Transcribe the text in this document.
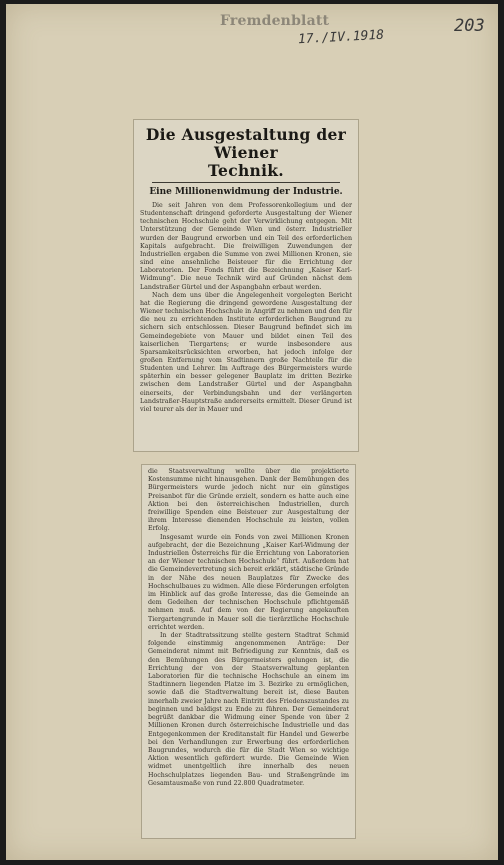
Fremdenblatt
17./IV.1918
203
Die Ausgestaltung der Wiener
Technik.
Eine Millionenwidmung der Industrie.

Die seit Jahren von dem Professorenkollegium und der Studentenschaft dringend geforderte Ausgestaltung der Wiener technischen Hochschule geht der Verwirklichung entgegen. Mit Unterstützung der Gemeinde Wien und österr. Industrieller wurden der Baugrund erworben und ein Teil des erforderlichen Kapitals aufgebracht. Die freiwilligen Zuwendungen der Industriellen ergaben die Summe von zwei Millionen Kronen, sie sind eine ansehnliche Beisteuer für die Errichtung der Laboratorien. Der Fonds führt die Bezeichnung „Kaiser Karl-Widmung“. Die neue Technik wird auf Gründen nächst dem Landstraßer Gürtel und der Aspangbahn erbaut werden.

Nach dem uns über die Angelegenheit vorgelegten Bericht hat die Regierung die dringend gewordene Ausgestaltung der Wiener technischen Hochschule in Angriff zu nehmen und den für die neu zu errichtenden Institute erforderlichen Baugrund zu sichern sich entschlossen. Dieser Baugrund befindet sich im Gemeindegebiete von Mauer und bildet einen Teil des kaiserlichen Tiergartens; er wurde insbesondere aus Sparsamkeitsrücksichten erworben, hat jedoch infolge der großen Entfernung vom Stadtinnern große Nachteile für die Studenten und Lehrer. Im Auftrage des Bürgermeisters wurde späterhin ein besser gelegener Bauplatz im dritten Bezirke zwischen dem Landstraßer Gürtel und der Aspangbahn einerseits, der Verbindungsbahn und der verlängerten Landstraßer-Hauptstraße andererseits ermittelt. Dieser Grund ist viel teurer als der in Mauer und

die Staatsverwaltung wollte über die projektierte Kostensumme nicht hinausgehen. Dank der Bemühungen des Bürgermeisters wurde jedoch nicht nur ein günstiges Preisanbot für die Gründe erzielt, sondern es hatte auch eine Aktion bei den österreichischen Industriellen, durch freiwillige Spenden eine Beisteuer zur Ausgestaltung der ihrem Interesse dienenden Hochschule zu leisten, vollen Erfolg.

Insgesamt wurde ein Fonds von zwei Millionen Kronen aufgebracht, der die Bezeichnung „Kaiser Karl-Widmung der Industriellen Österreichs für die Errichtung von Laboratorien an der Wiener technischen Hochschule“ führt. Außerdem hat die Gemeindevertretung sich bereit erklärt, städtische Gründe in der Nähe des neuen Bauplatzes für Zwecke des Hochschulbaues zu widmen. Alle diese Förderungen erfolgten im Hinblick auf das große Interesse, das die Gemeinde an dem Gedeihen der technischen Hochschule pflichtgemäß nehmen muß. Auf dem von der Regierung angekauften Tiergartengrunde in Mauer soll die tierärztliche Hochschule errichtet werden.

In der Stadtratssitzung stellte gestern Stadtrat Schmid folgende einstimmig angenommenen Anträge: Der Gemeinderat nimmt mit Befriedigung zur Kenntnis, daß es den Bemühungen des Bürgermeisters gelungen ist, die Errichtung der von der Staatsverwaltung geplanten Laboratorien für die technische Hochschule an einem im Stadtinnern liegenden Platze im 3. Bezirke zu ermöglichen, sowie daß die Stadtverwaltung bereit ist, diese Bauten innerhalb zweier Jahre nach Eintritt des Friedenszustandes zu beginnen und baldigst zu Ende zu führen. Der Gemeinderat begrüßt dankbar die Widmung einer Spende von über 2 Millionen Kronen durch österreichische Industrielle und das Entgegenkommen der Kreditanstalt für Handel und Gewerbe bei den Verhandlungen zur Erwerbung des erforderlichen Baugrundes, wodurch die für die Stadt Wien so wichtige Aktion wesentlich gefördert wurde. Die Gemeinde Wien widmet unentgeltlich ihre innerhalb des neuen Hochschulplatzes liegenden Bau- und Straßengründe im Gesamtausmaße von rund 22.800 Quadratmeter.
